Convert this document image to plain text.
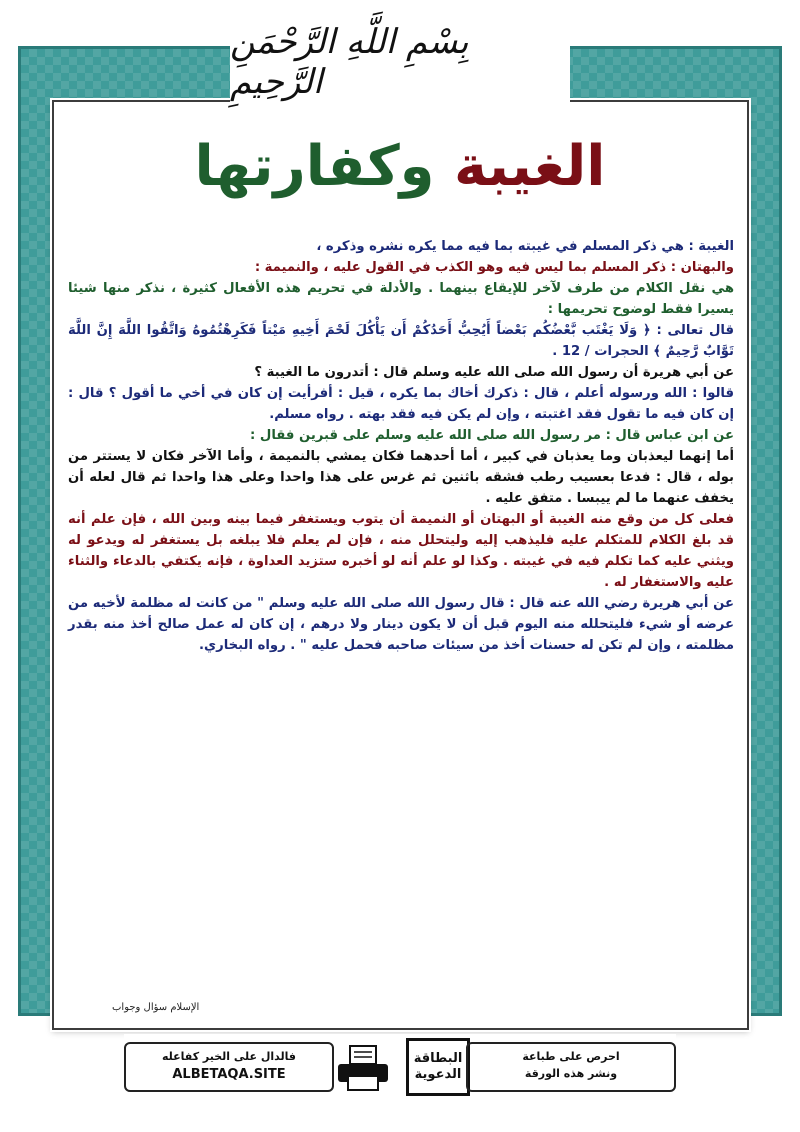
بِسْمِ اللَّهِ الرَّحْمَنِ الرَّحِيمِ
الغيبة وكفارتها

الغيبة : هي ذكر المسلم في غيبته بما فيه مما يكره نشره وذكره ،

والبهتان : ذكر المسلم بما ليس فيه وهو الكذب في القول عليه ، والنميمة :

هي نقل الكلام من طرف لآخر للإيقاع بينهما . والأدلة في تحريم هذه الأفعال كثيرة ، نذكر منها شيئا يسيرا فقط لوضوح تحريمها :

قال تعالى : ﴿ وَلَا يَغْتَب بَّعْضُكُم بَعْضاً أَيُحِبُّ أَحَدُكُمْ أَن يَأْكُلَ لَحْمَ أَخِيهِ مَيْتاً فَكَرِهْتُمُوهُ وَاتَّقُوا اللَّهَ إِنَّ اللَّهَ تَوَّابٌ رَّحِيمٌ ﴾ الحجرات / 12 .

عن أبي هريرة أن رسول الله صلى الله عليه وسلم قال : أتدرون ما الغيبة ؟

قالوا : الله ورسوله أعلم ، قال : ذكرك أخاك بما يكره ، قيل : أفرأيت إن كان في أخي ما أقول ؟ قال : إن كان فيه ما تقول فقد اغتبته ، وإن لم يكن فيه فقد بهته . رواه مسلم.

عن ابن عباس قال : مر رسول الله صلى الله عليه وسلم على قبرين فقال :

أما إنهما ليعذبان وما يعذبان في كبير ، أما أحدهما فكان يمشي بالنميمة ، وأما الآخر فكان لا يستتر من بوله ، قال : فدعا بعسيب رطب فشقه باثنين ثم غرس على هذا واحدا وعلى هذا واحدا ثم قال لعله أن يخفف عنهما ما لم ييبسا . متفق عليه .

فعلى كل من وقع منه الغيبة أو البهتان أو النميمة أن يتوب ويستغفر فيما بينه وبين الله ، فإن علم أنه قد بلغ الكلام للمتكلم عليه فليذهب إليه وليتحلل منه ، فإن لم يعلم فلا يبلغه بل يستغفر له ويدعو له ويثني عليه كما تكلم فيه في غيبته . وكذا لو علم أنه لو أخبره ستزيد العداوة ، فإنه يكتفي بالدعاء والثناء عليه والاستغفار له .

عن أبي هريرة رضي الله عنه قال : قال رسول الله صلى الله عليه وسلم " من كانت له مظلمة لأخيه من عرضه أو شيء فليتحلله منه اليوم قبل أن لا يكون دينار ولا درهم ، إن كان له عمل صالح أخذ منه بقدر مظلمته ، وإن لم تكن له حسنات أخذ من سيئات صاحبه فحمل عليه " . رواه البخاري.

الإسلام سؤال وجواب
فالدال على الخير كفاعله
ALBETAQA.SITE
البطاقة
الدعوية
احرص على طباعة
ونشر هذه الورقة
